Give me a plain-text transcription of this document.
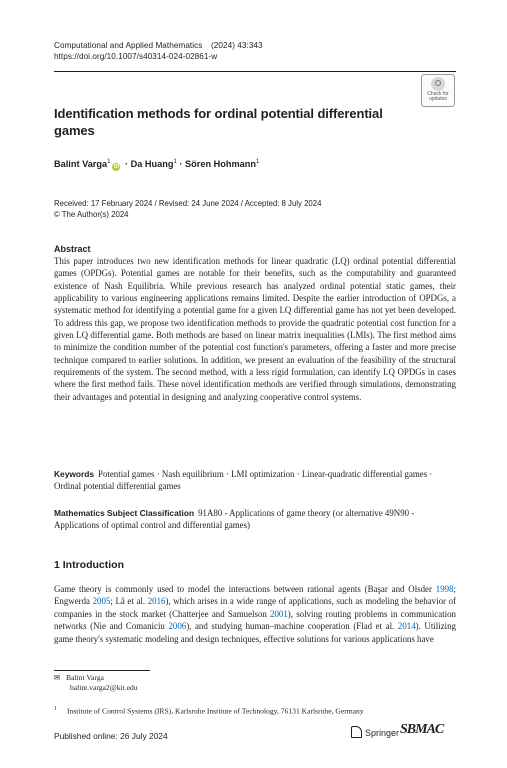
Computational and Applied Mathematics (2024) 43:343
https://doi.org/10.1007/s40314-024-02861-w
Check for
updates
Identification methods for ordinal potential differential games
Balint Varga$^1$iD · Da Huang$^1$ · Sören Hohmann$^1$
Received: 17 February 2024 / Revised: 24 June 2024 / Accepted: 8 July 2024
© The Author(s) 2024
Abstract

This paper introduces two new identification methods for linear quadratic (LQ) ordinal potential differential games (OPDGs). Potential games are notable for their benefits, such as the computability and guaranteed existence of Nash Equilibria. While previous research has analyzed ordinal potential static games, their applicability to various engineering applications remains limited. Despite the earlier introduction of OPDGs, a systematic method for identifying a potential game for a given LQ differential game has not yet been developed. To address this gap, we propose two identification methods to provide the quadratic potential cost function for a given LQ differential game. Both methods are based on linear matrix inequalities (LMIs). The first method aims to minimize the condition number of the potential cost function's parameters, offering a faster and more precise technique compared to earlier solutions. In addition, we present an evaluation of the feasibility of the structural requirements of the system. The second method, with a less rigid formulation, can identify LQ OPDGs in cases where the first method fails. These novel identification methods are verified through simulations, demonstrating their advantages and potential in designing and analyzing cooperative control systems.

Keywords Potential games · Nash equilibrium · LMI optimization · Linear-quadratic differential games · Ordinal potential differential games
Mathematics Subject Classification 91A80 - Applications of game theory (or alternative 49N90 - Applications of optimal control and differential games)
1 Introduction

Game theory is commonly used to model the interactions between rational agents (Başar and Olsder 1998; Engwerda 2005; Lã et al. 2016), which arises in a wide range of applications, such as modeling the behavior of companies in the stock market (Chatterjee and Samuelson 2001), solving routing problems in communication networks (Nie and Comaniciu 2006), and studying human–machine cooperation (Flad et al. 2014). Utilizing game theory's systematic modeling and design techniques, effective solutions for various applications have

✉ Balint Varga
balint.varga2@kit.edu
$^1$ Institute of Control Systems (IRS), Karlsruhe Institute of Technology, 76131 Karlsruhe, Germany
Published online: 26 July 2024	Springer SBMAC
